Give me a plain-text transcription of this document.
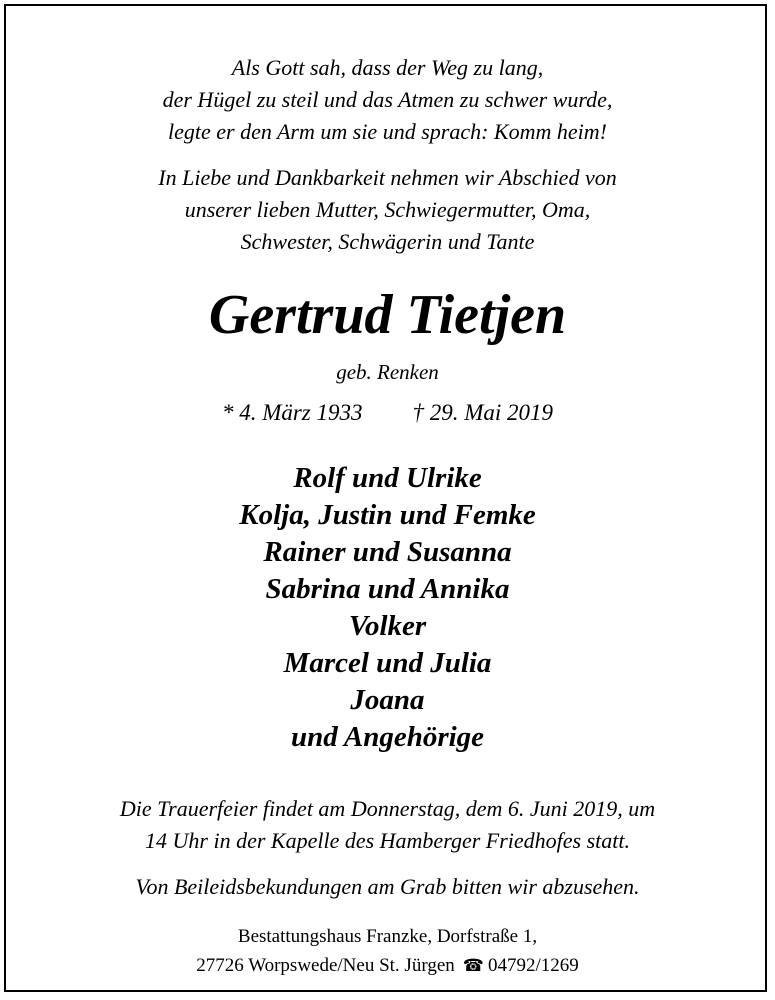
Als Gott sah, dass der Weg zu lang,
der Hügel zu steil und das Atmen zu schwer wurde,
legte er den Arm um sie und sprach: Komm heim!
In Liebe und Dankbarkeit nehmen wir Abschied von
unserer lieben Mutter, Schwiegermutter, Oma,
Schwester, Schwägerin und Tante
Gertrud Tietjen
geb. Renken
* 4. März 1933 † 29. Mai 2019
Rolf und Ulrike
Kolja, Justin und Femke
Rainer und Susanna
Sabrina und Annika
Volker
Marcel und Julia
Joana
und Angehörige
Die Trauerfeier findet am Donnerstag, dem 6. Juni 2019, um
14 Uhr in der Kapelle des Hamberger Friedhofes statt.
Von Beileidsbekundungen am Grab bitten wir abzusehen.
Bestattungshaus Franzke, Dorfstraße 1,
27726 Worpswede/Neu St. Jürgen ☎ 04792/1269
